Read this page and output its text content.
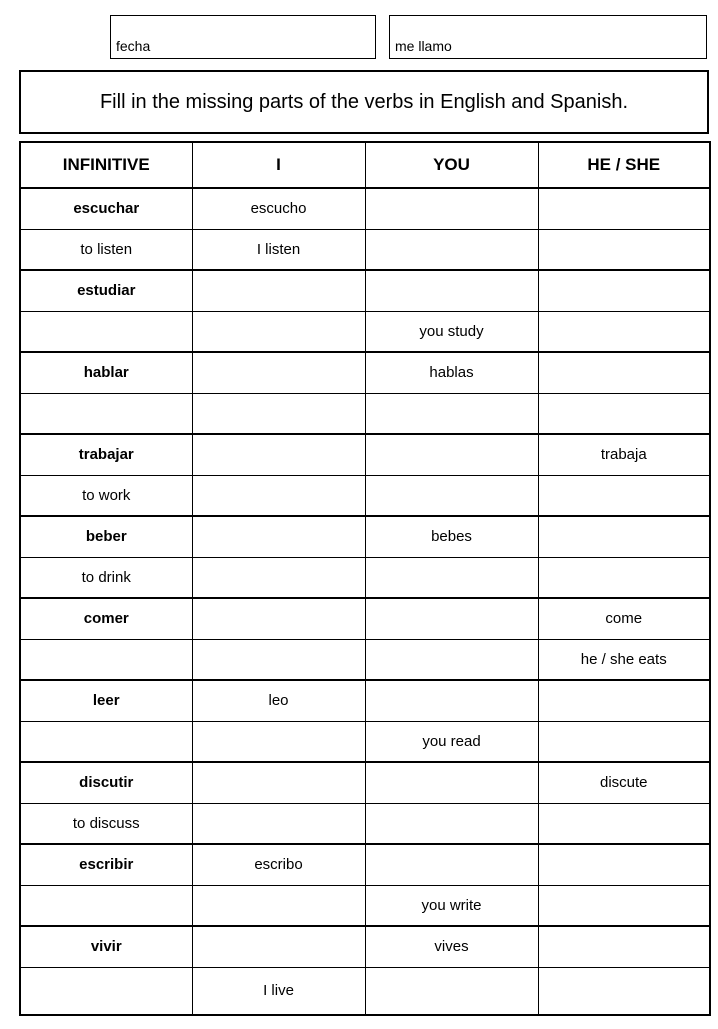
fecha	me llamo
Fill in the missing parts of the verbs in English and Spanish.
INFINITIVE	I	YOU	HE / SHE
escuchar	escucho		
to listen	I listen		
estudiar			
		you study	
hablar		hablas	

trabajar			trabaja
to work			
beber		bebes	
to drink			
comer			come
			he / she eats
leer	leo		
		you read	
discutir			discute
to discuss			
escribir	escribo		
		you write	
vivir		vives	
	I live		
